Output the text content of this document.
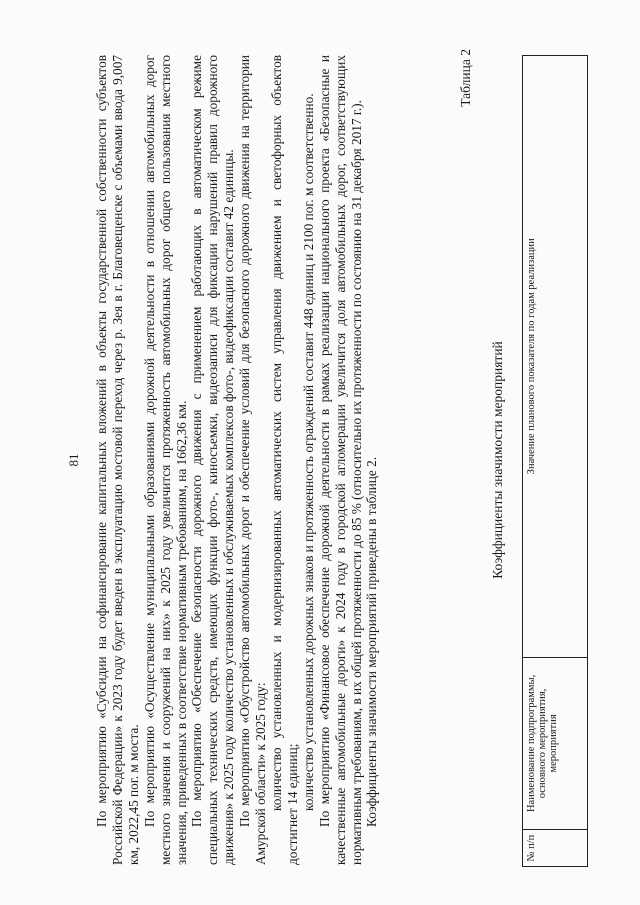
81 По мероприятию «Субсидии на софинансирование капитальных вложений в объекты государственной собственности субъектов Российской Федерации» к 2023 году будет введен в эксплуатацию мостовой переход через р. Зея в г. Благовещенске с объемами ввода 9,007 км, 2022,45 пог. м моста. По мероприятию «Осуществление муниципальными образованиями дорожной деятельности в отношении автомобильных дорог местного значения и сооружений на них» к 2025 году увеличится протяженность автомобильных дорог общего пользования местного значения, приведенных в соответствие нормативным требованиям, на 1662,36 км. По мероприятию «Обеспечение безопасности дорожного движения с применением работающих в автоматическом режиме специальных технических средств, имеющих функции фото-, киносъемки, видеозаписи для фиксации нарушений правил дорожного движения» к 2025 году количество установленных и обслуживаемых комплексов фото-, видеофиксации составит 42 единицы. По мероприятию «Обустройство автомобильных дорог и обеспечение условий для безопасного дорожного движения на территории Амурской области» к 2025 году: количество установленных и модернизированных автоматических систем управления движением и светофорных объектов достигнет 14 единиц; количество установленных дорожных знаков и протяженность ограждений составит 448 единиц и 2100 пог. м соответственно. По мероприятию «Финансовое обеспечение дорожной деятельности в рамках реализации национального проекта «Безопасные и качественные автомобильные дороги» к 2024 году в городской агломерации увеличится доля автомобильных дорог, соответствующих нормативным требованиям, в их общей протяженности до 85 % (относительно их протяженности по состоянию на 31 декабря 2017 г.). Коэффициенты значимости мероприятий приведены в таблице 2.

Таблица 2
Коэффициенты значимости мероприятий
№ п/п	Наименование подпрограммы, основного мероприятия, мероприятия	Значение планового показателя по годам реализации
